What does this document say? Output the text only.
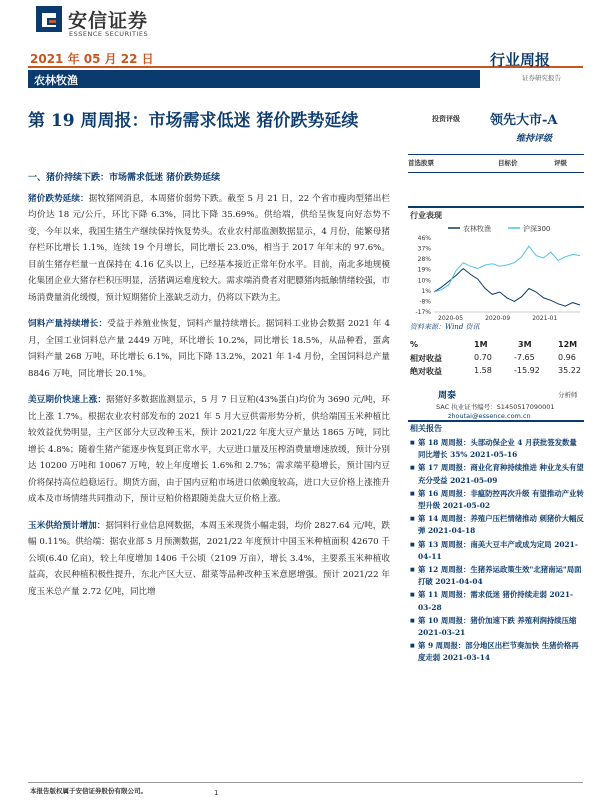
安信证券
ESSENCE SECURITIES
2021 年 05 月 22 日
农林牧渔
行业周报
证券研究报告
第 19 周周报：市场需求低迷 猪价跌势延续	投资评级 领先大市-A
维持评级
首选股票	目标价	评级
一、猪价持续下跌：市场需求低迷 猪价跌势延续
猪价跌势延续：据牧猪网消息，本周猪价弱势下跌。截至 5 月 21 日，22 个省市瘦肉型猪出栏均价达 18 元/公斤，环比下降 6.3%，同比下降 35.69%。供给端，供给呈恢复向好态势不变，今年以来，我国生猪生产继续保持恢复势头。农业农村部监测数据显示，4 月份，能繁母猪存栏环比增长 1.1%，连续 19 个月增长，同比增长 23.0%，相当于 2017 年年末的 97.6%。目前生猪存栏量一直保持在 4.16 亿头以上，已经基本接近正常年份水平。目前，南北多地规模化集团企业大猪存栏积压明显，活猪调运难度较大。需求端消费者对肥膘猪肉抵触情绪较强，市场消费量消化缓慢，预计短期猪价上涨缺乏动力，仍将以下跌为主。
饲料产量持续增长：受益于养殖业恢复，饲料产量持续增长。据饲料工业协会数据 2021 年 4 月，全国工业饲料总产量 2449 万吨，环比增长 10.2%，同比增长 18.5%，从品种看，蛋禽饲料产量 268 万吨，环比增长 6.1%，同比下降 13.2%，2021 年 1-4 月份，全国饲料总产量 8846 万吨，同比增长 20.1%。
美豆期价快速上涨：据猪好多数据监测显示，5 月 7 日豆粕(43%蛋白)均价为 3690 元/吨，环比上涨 1.7%。根据农业农村部发布的 2021 年 5 月大豆供需形势分析，供给端国玉米种植比较效益优势明显，主产区部分大豆改种玉米，预计 2021/22 年度大豆产量达 1865 万吨，同比增长 4.8%；随着生猪产能逐步恢复到正常水平，大豆进口量及压榨消费量增速放缓，预计分别达 10200 万吨和 10067 万吨，较上年度增长 1.6%和 2.7%；需求端平稳增长，预计国内豆价将保持高位趋稳运行。期货方面，由于国内豆粕市场进口依赖度较高，进口大豆价格上涨推升成本及市场情绪共同推动下，预计豆粕价格跟随美盘大豆价格上涨。
玉米供给预计增加：据饲料行业信息网数据，本周玉米现货小幅走弱，均价 2827.64 元/吨，跌幅 0.11%。供给端：据农业部 5 月预测数据，2021/22 年度预计中国玉米种植面积 42670 千公顷(6.40 亿亩)，较上年度增加 1406 千公顷（2109 万亩），增长 3.4%，主要系玉米种植收益高，农民种植积极性提升，东北产区大豆、甜菜等品种改种玉米意愿增强。预计 2021/22 年度玉米总产量 2.72 亿吨，同比增
行业表现
农林牧渔	沪深300
46%
37%
28%
19%
10%
1%
-8%
-17%
2020-05	2020-09	2021-01
资料来源：Wind 资讯
%	1M	3M	12M
相对收益	0.70	-7.65	0.96
绝对收益	1.58	-15.92 35.22
周泰	分析师
SAC 执业证书编号：S1450517090001
zhoutai@essence.com.cn
相关报告
■ 第 18 周周报：头部动保企业 4 月获批签发数量同比增长 35% 2021-05-16
■ 第 17 周周报：商业化育种持续推进 种业龙头有望充分受益 2021-05-09
■ 第 16 周周报：非瘟防控再次升级 有望推动产业转型升级 2021-05-02
■ 第 14 周周报：养殖户压栏情绪推动 刺猪价大幅反弹 2021-04-18
■ 第 13 周周报：南美大豆丰产或成为定局 2021-04-11
■ 第 12 周周报：生猪养运政策生效"北猪南运"局面打破 2021-04-04
■ 第 11 周周报：需求低迷 猪价持续走弱 2021-03-28
■ 第 10 周周报：猪价加速下跌 养殖利润持续压缩 2021-03-21
■ 第 9 周周报：部分地区出栏节奏加快 生猪价格再度走弱 2021-03-14
本报告版权属于安信证券股份有限公司。	1
